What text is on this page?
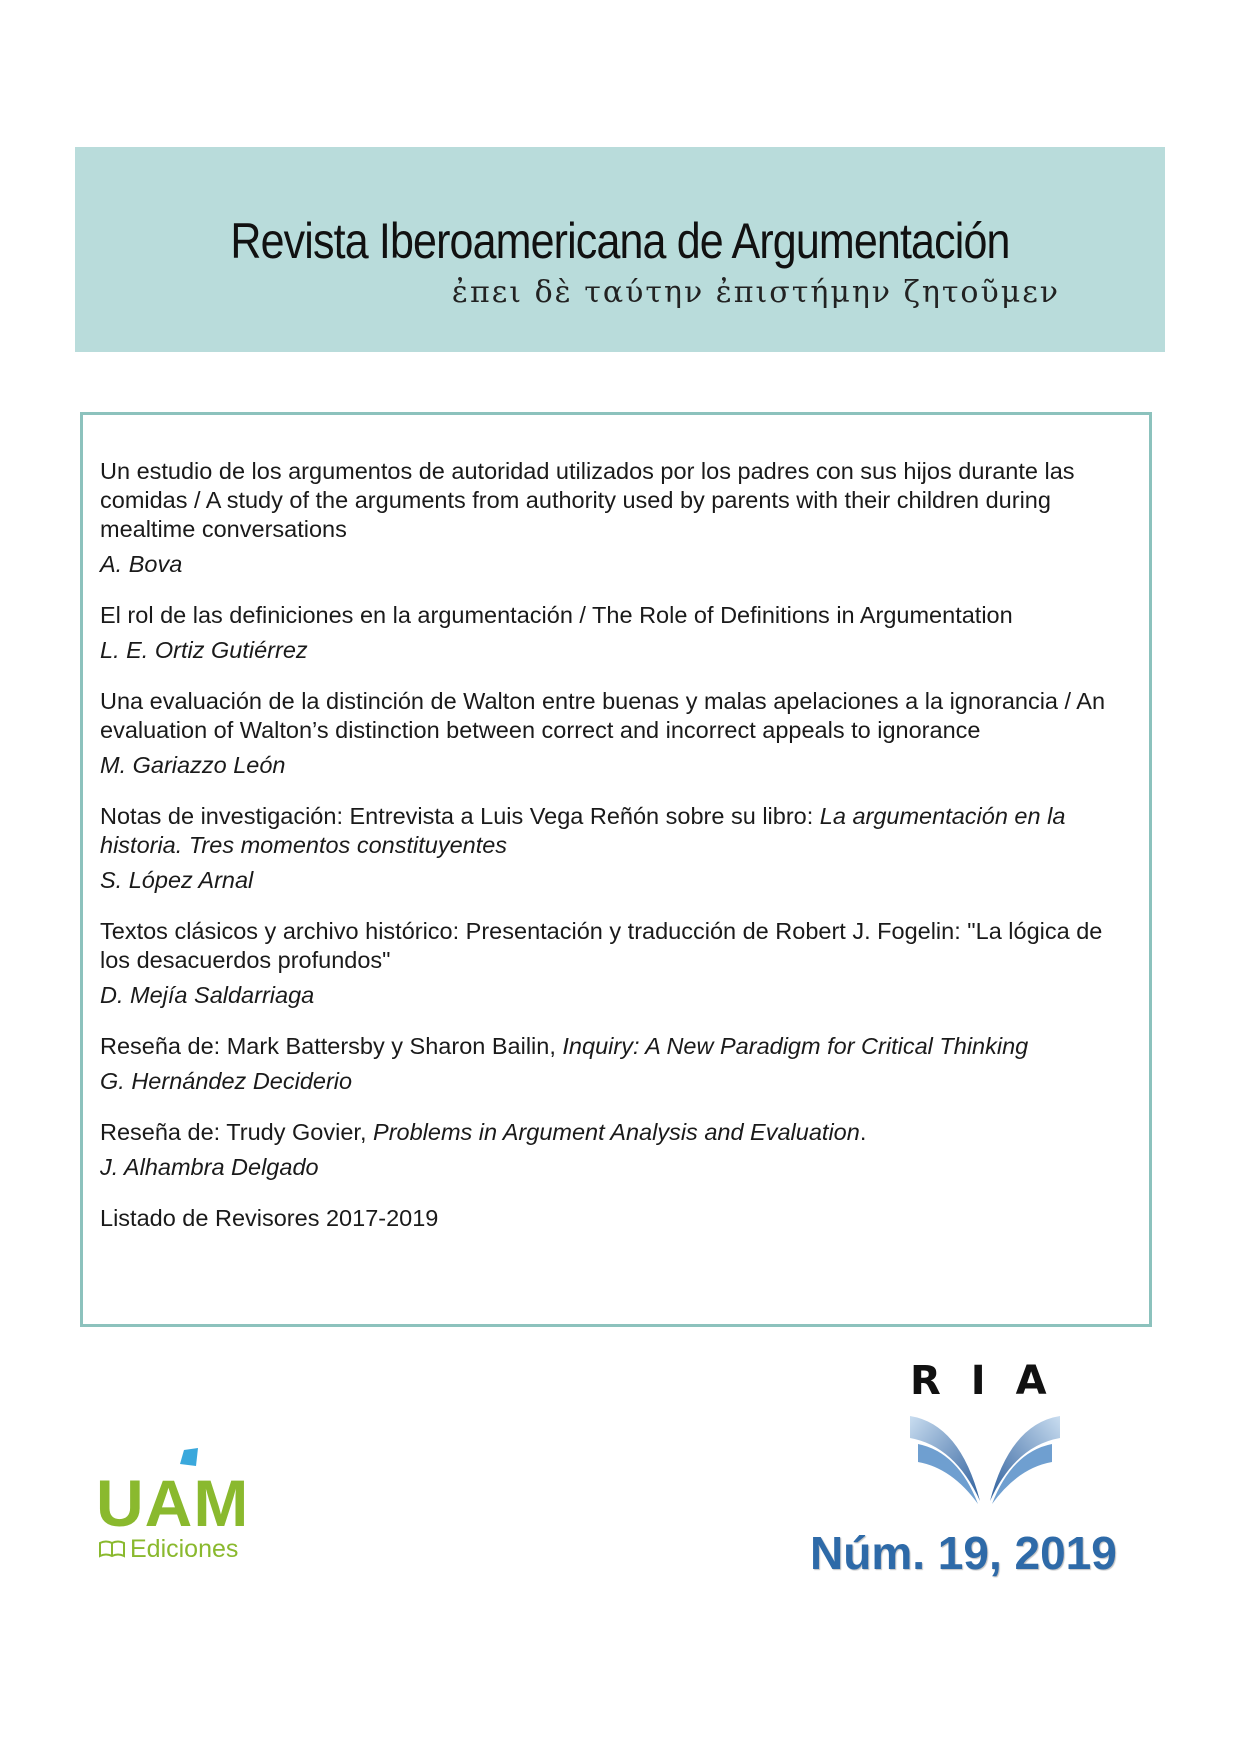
Revista Iberoamericana de Argumentación
ἐπει δὲ ταύτην ἐπιστήμην ζητοῦμεν
Un estudio de los argumentos de autoridad utilizados por los padres con sus hijos durante las comidas / A study of the arguments from authority used by parents with their children during mealtime conversations
A. Bova
El rol de las definiciones en la argumentación / The Role of Definitions in Argumentation
L. E. Ortiz Gutiérrez
Una evaluación de la distinción de Walton entre buenas y malas apelaciones a la ignorancia / An evaluation of Walton’s distinction between correct and incorrect appeals to ignorance
M. Gariazzo León
Notas de investigación: Entrevista a Luis Vega Reñón sobre su libro: La argumentación en la historia. Tres momentos constituyentes
S. López Arnal
Textos clásicos y archivo histórico: Presentación y traducción de Robert J. Fogelin: "La lógica de los desacuerdos profundos"
D. Mejía Saldarriaga
Reseña de: Mark Battersby y Sharon Bailin, Inquiry: A New Paradigm for Critical Thinking
G. Hernández Deciderio
Reseña de: Trudy Govier, Problems in Argument Analysis and Evaluation.
J. Alhambra Delgado
Listado de Revisores 2017-2019
UAM
Ediciones
RIA
Núm. 19, 2019
